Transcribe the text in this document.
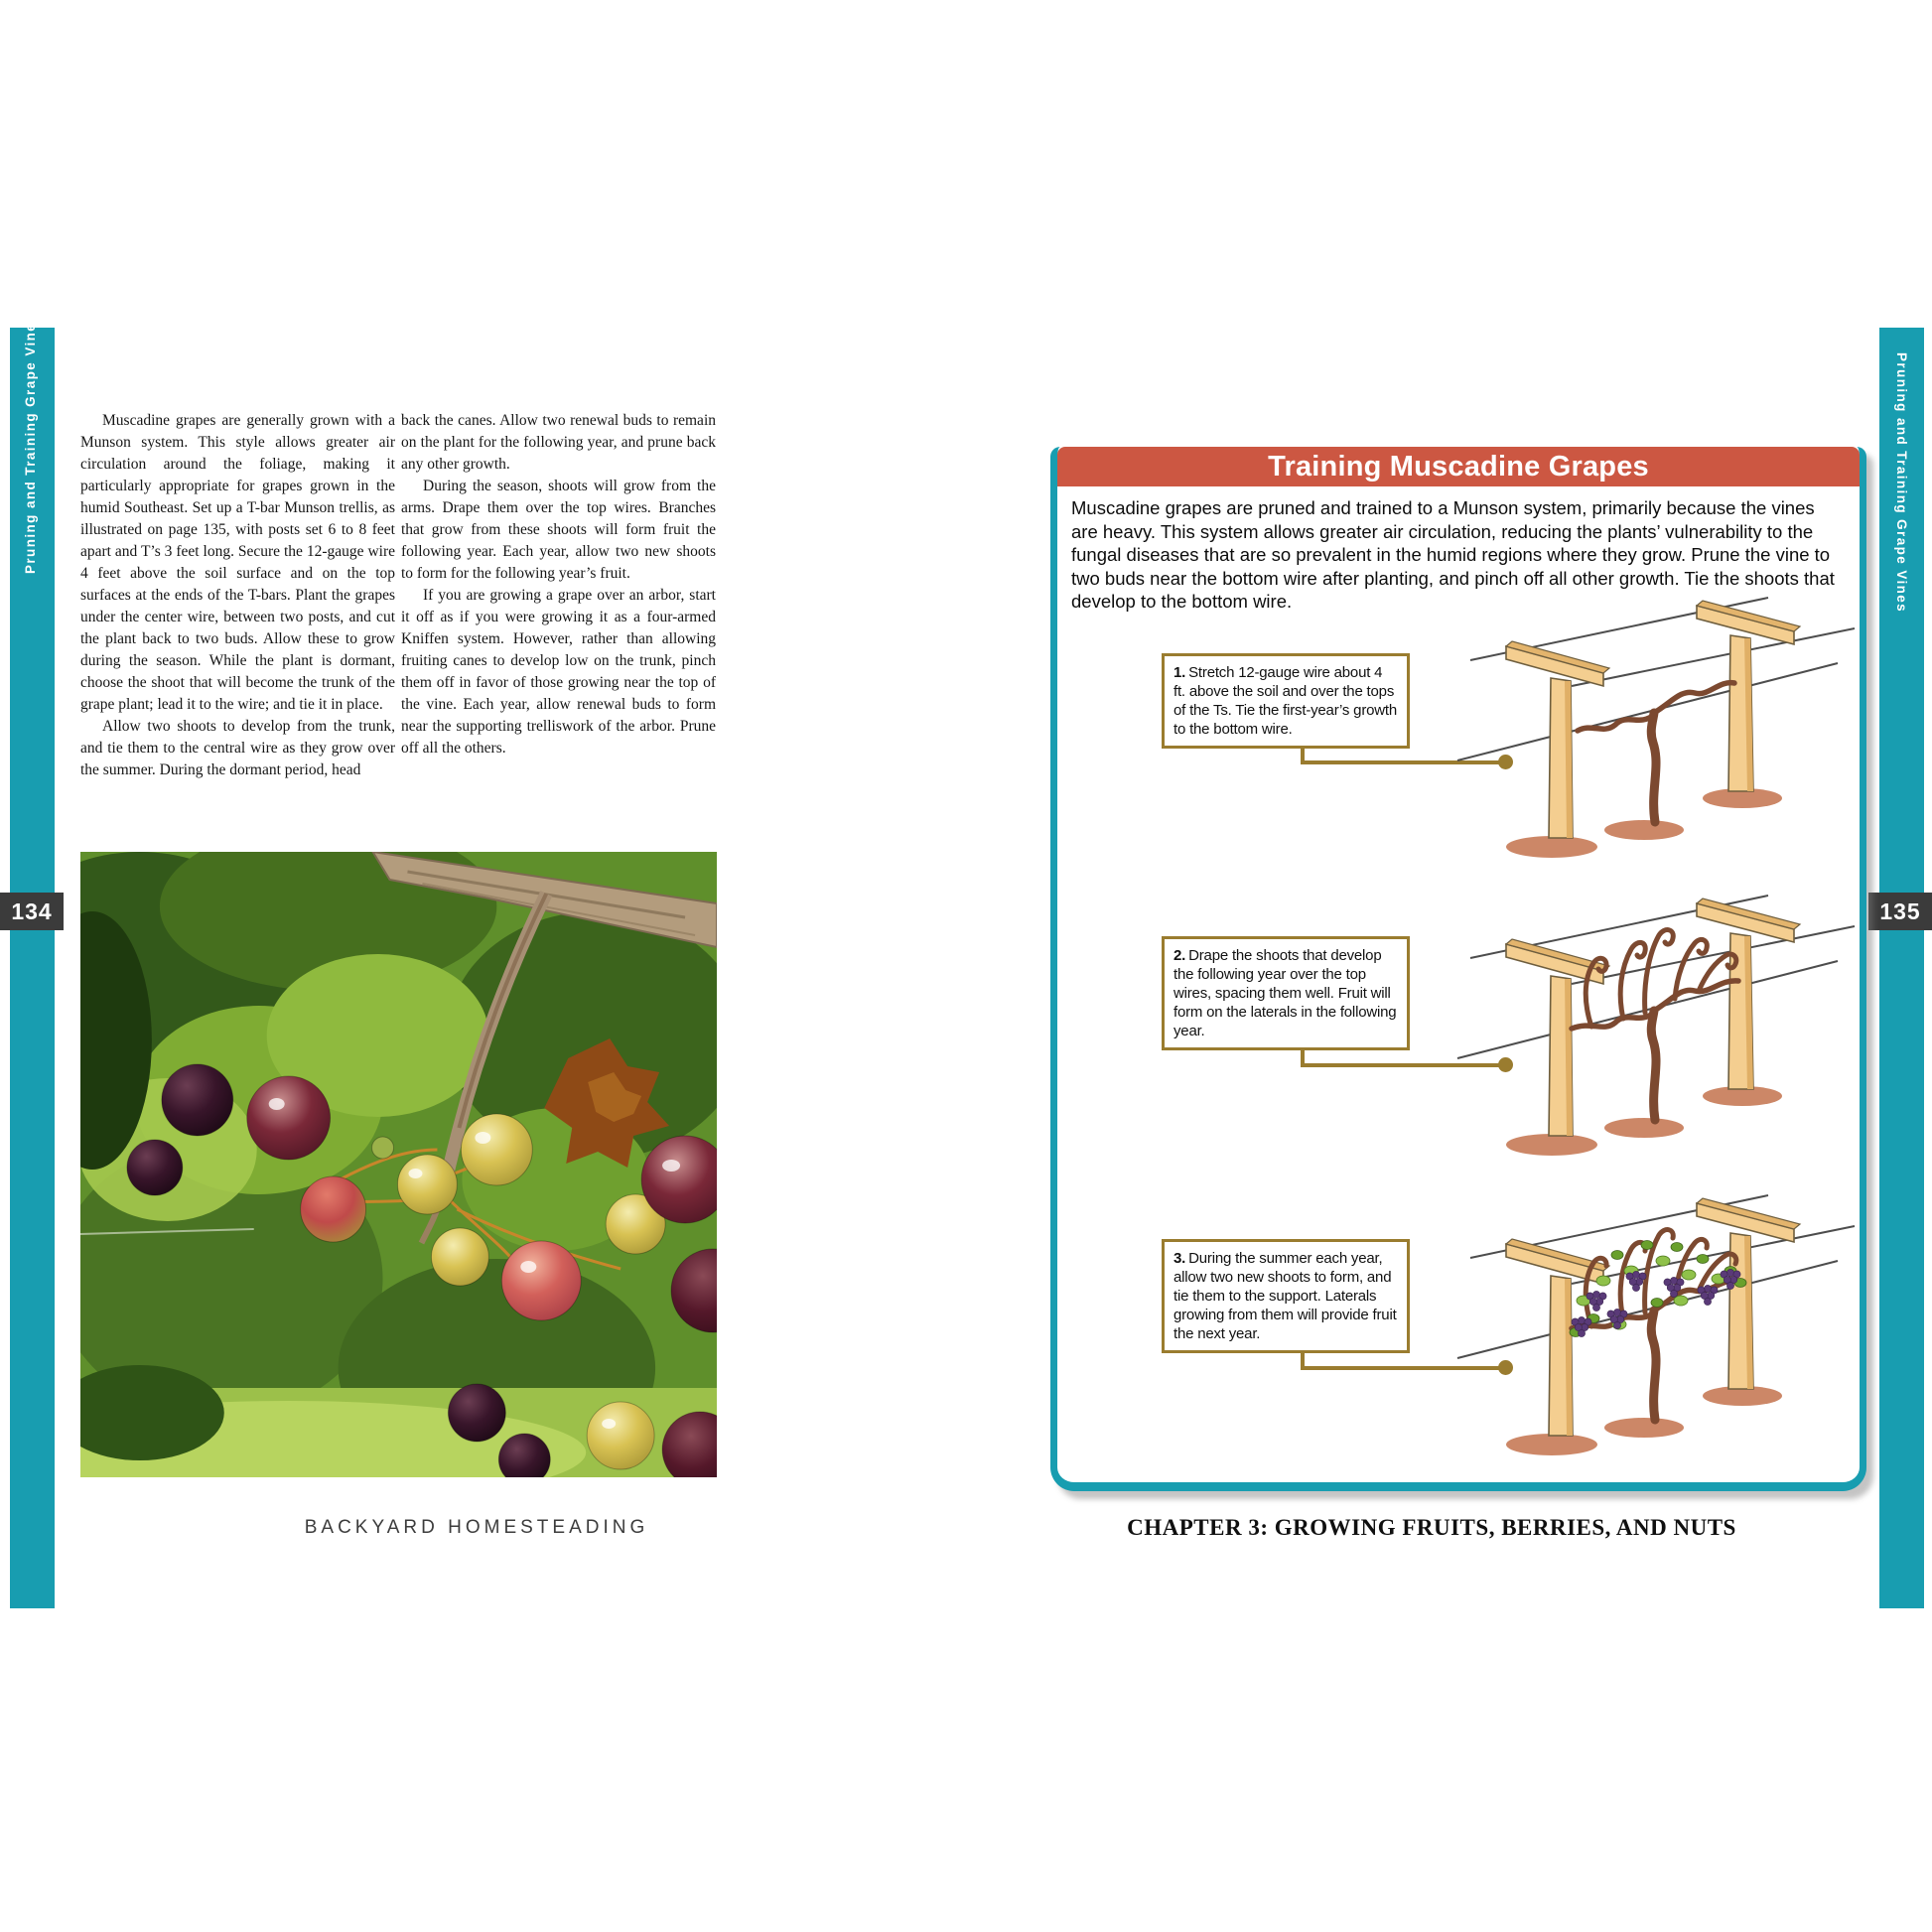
Pruning and Training Grape Vines
134
Pruning and Training Grape Vines
135

Muscadine grapes are generally grown with a Munson system. This style allows greater air circulation around the foliage, making it particularly appropriate for grapes grown in the humid Southeast. Set up a T-bar Munson trellis, as illustrated on page 135, with posts set 6 to 8 feet apart and T’s 3 feet long. Secure the 12-gauge wire 4 feet above the soil surface and on the top surfaces at the ends of the T-bars. Plant the grapes under the center wire, between two posts, and cut the plant back to two buds. Allow these to grow during the season. While the plant is dormant, choose the shoot that will become the trunk of the grape plant; lead it to the wire; and tie it in place.

Allow two shoots to develop from the trunk, and tie them to the central wire as they grow over the summer. During the dormant period, head

back the canes. Allow two renewal buds to remain on the plant for the following year, and prune back any other growth.

During the season, shoots will grow from the arms. Drape them over the top wires. Branches that grow from these shoots will form fruit the following year. Each year, allow two new shoots to form for the following year’s fruit.

If you are growing a grape over an arbor, start it off as if you were growing it as a four-armed Kniffen system. However, rather than allowing fruiting canes to develop low on the trunk, pinch them off in favor of those growing near the top of the vine. Each year, allow renewal buds to form near the supporting trelliswork of the arbor. Prune off all the others.

BACKYARD HOMESTEADING
Training Muscadine Grapes
Muscadine grapes are pruned and trained to a Munson system, primarily because the vines are heavy. This system allows greater air circulation, reducing the plants’ vulnerability to the fungal diseases that are so prevalent in the humid regions where they grow. Prune the vine to two buds near the bottom wire after planting, and pinch off all other growth. Tie the shoots that develop to the bottom wire.
1. Stretch 12-gauge wire about 4 ft. above the soil and over the tops of the Ts. Tie the first-year’s growth to the bottom wire.
2. Drape the shoots that develop the following year over the top wires, spacing them well. Fruit will form on the laterals in the following year.
3. During the summer each year, allow two new shoots to form, and tie them to the support. Laterals growing from them will provide fruit the next year.
CHAPTER 3: GROWING FRUITS, BERRIES, AND NUTS
